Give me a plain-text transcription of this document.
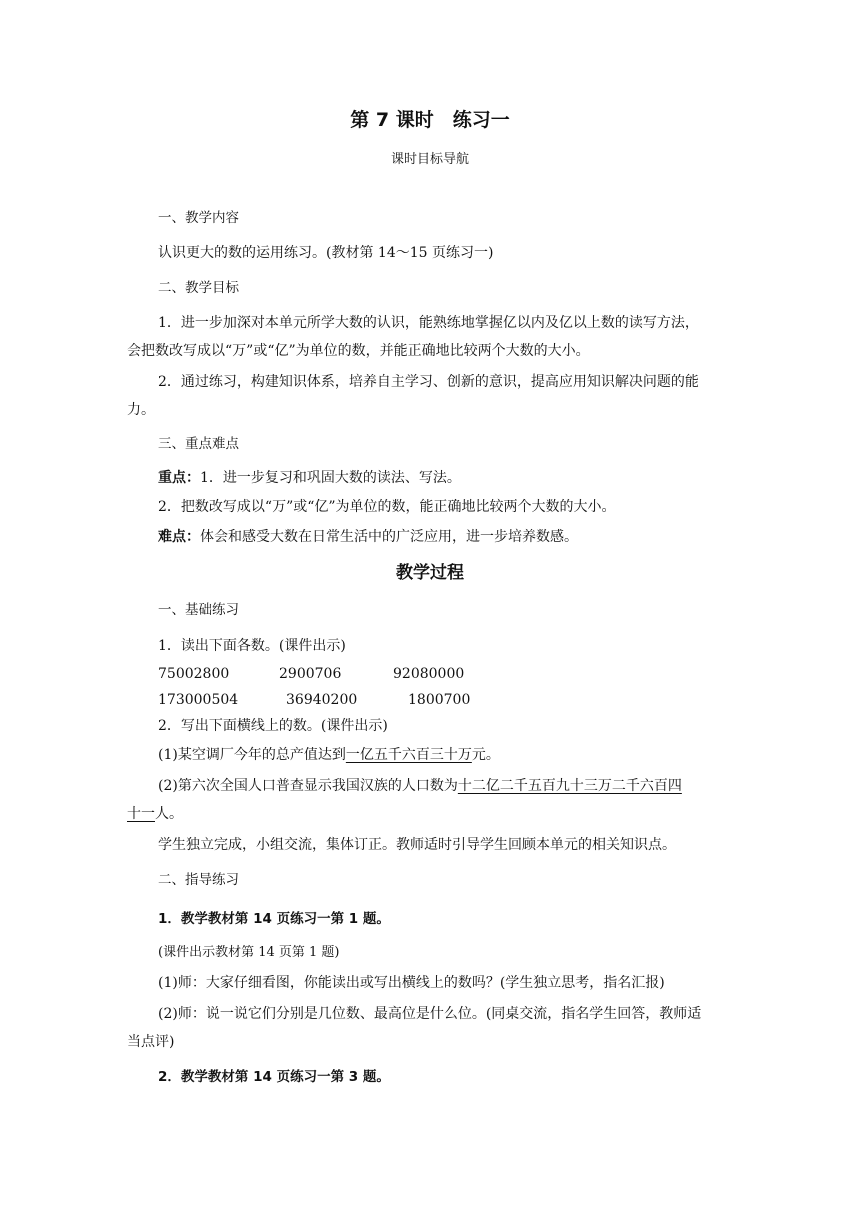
第 7 课时　练习一
课时目标导航
一、教学内容
认识更大的数的运用练习。(教材第 14～15 页练习一)
二、教学目标
1．进一步加深对本单元所学大数的认识，能熟练地掌握亿以内及亿以上数的读写方法，
会把数改写成以“万”或“亿”为单位的数，并能正确地比较两个大数的大小。
2．通过练习，构建知识体系，培养自主学习、创新的意识，提高应用知识解决问题的能
力。
三、重点难点
重点：1．进一步复习和巩固大数的读法、写法。
2．把数改写成以“万”或“亿”为单位的数，能正确地比较两个大数的大小。
难点：体会和感受大数在日常生活中的广泛应用，进一步培养数感。
教学过程
一、基础练习
1．读出下面各数。(课件出示)
75002800	2900706	92080000
173000504	36940200	1800700
2．写出下面横线上的数。(课件出示)
(1)某空调厂今年的总产值达到一亿五千六百三十万元。
(2)第六次全国人口普查显示我国汉族的人口数为十二亿二千五百九十三万二千六百四
十一人。
学生独立完成，小组交流，集体订正。教师适时引导学生回顾本单元的相关知识点。
二、指导练习
1．教学教材第 14 页练习一第 1 题。
(课件出示教材第 14 页第 1 题)
(1)师：大家仔细看图，你能读出或写出横线上的数吗？(学生独立思考，指名汇报)
(2)师：说一说它们分别是几位数、最高位是什么位。(同桌交流，指名学生回答，教师适
当点评)
2．教学教材第 14 页练习一第 3 题。
